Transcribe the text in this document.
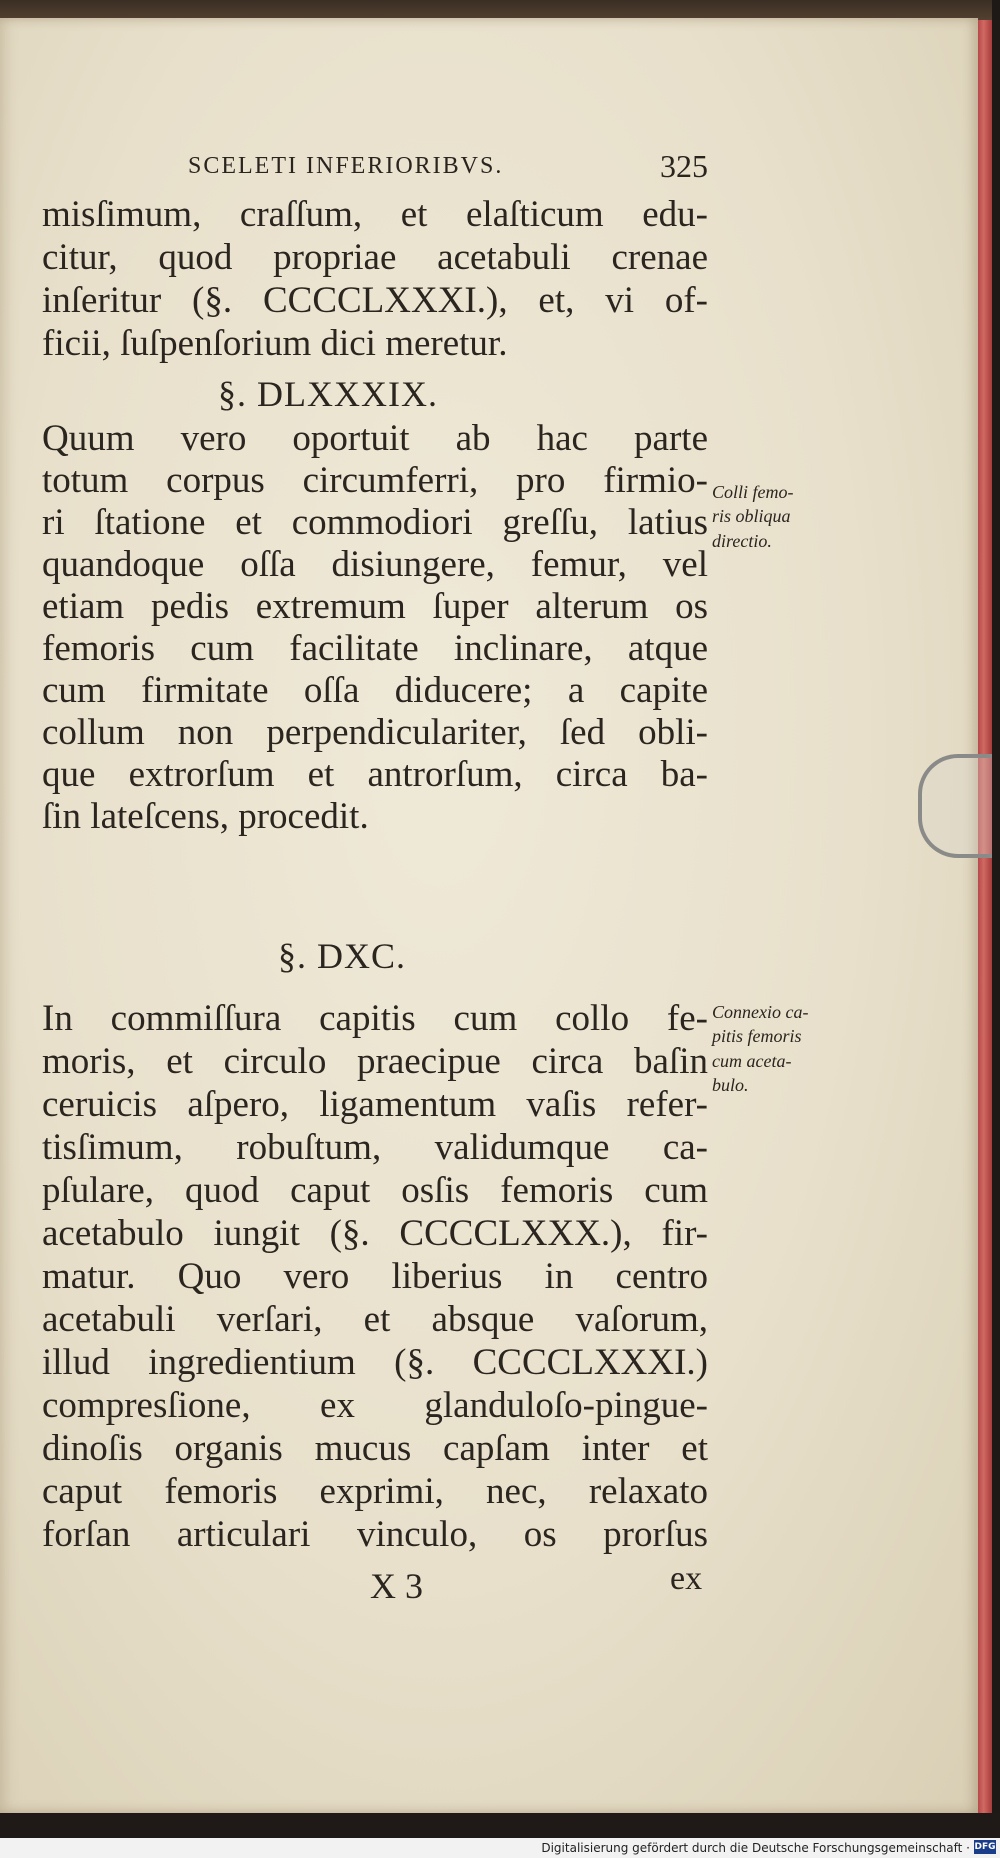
SCELETI INFERIORIBVS.	325
misſimum, craſſum, et elaſticum edu-
citur, quod propriae acetabuli crenae
inſeritur (§. CCCCLXXXI.), et, vi of-
ficii, ſuſpenſorium dici meretur.
§. DLXXXIX.
Quum vero oportuit ab hac parte
totum corpus circumferri, pro firmio-
ri ſtatione et commodiori greſſu, latius
quandoque oſſa disiungere, femur, vel
etiam pedis extremum ſuper alterum os
femoris cum facilitate inclinare, atque
cum firmitate oſſa diducere; a capite
collum non perpendiculariter, ſed obli-
que extrorſum et antrorſum, circa ba-
ſin lateſcens, procedit.
Colli femo-
ris obliqua
directio.
§. DXC.
In commiſſura capitis cum collo fe-
moris, et circulo praecipue circa baſin
ceruicis aſpero, ligamentum vaſis refer-
tisſimum, robuſtum, validumque ca-
pſulare, quod caput osſis femoris cum
acetabulo iungit (§. CCCCLXXX.), fir-
matur. Quo vero liberius in centro
acetabuli verſari, et absque vaſorum,
illud ingredientium (§. CCCCLXXXI.)
compresſione, ex glanduloſo-pingue-
dinoſis organis mucus capſam inter et
caput femoris exprimi, nec, relaxato
forſan articulari vinculo, os prorſus
Connexio ca-
pitis femoris
cum aceta-
bulo.
X 3	ex
Digitalisierung gefördert durch die Deutsche Forschungsgemeinschaft · DFG
